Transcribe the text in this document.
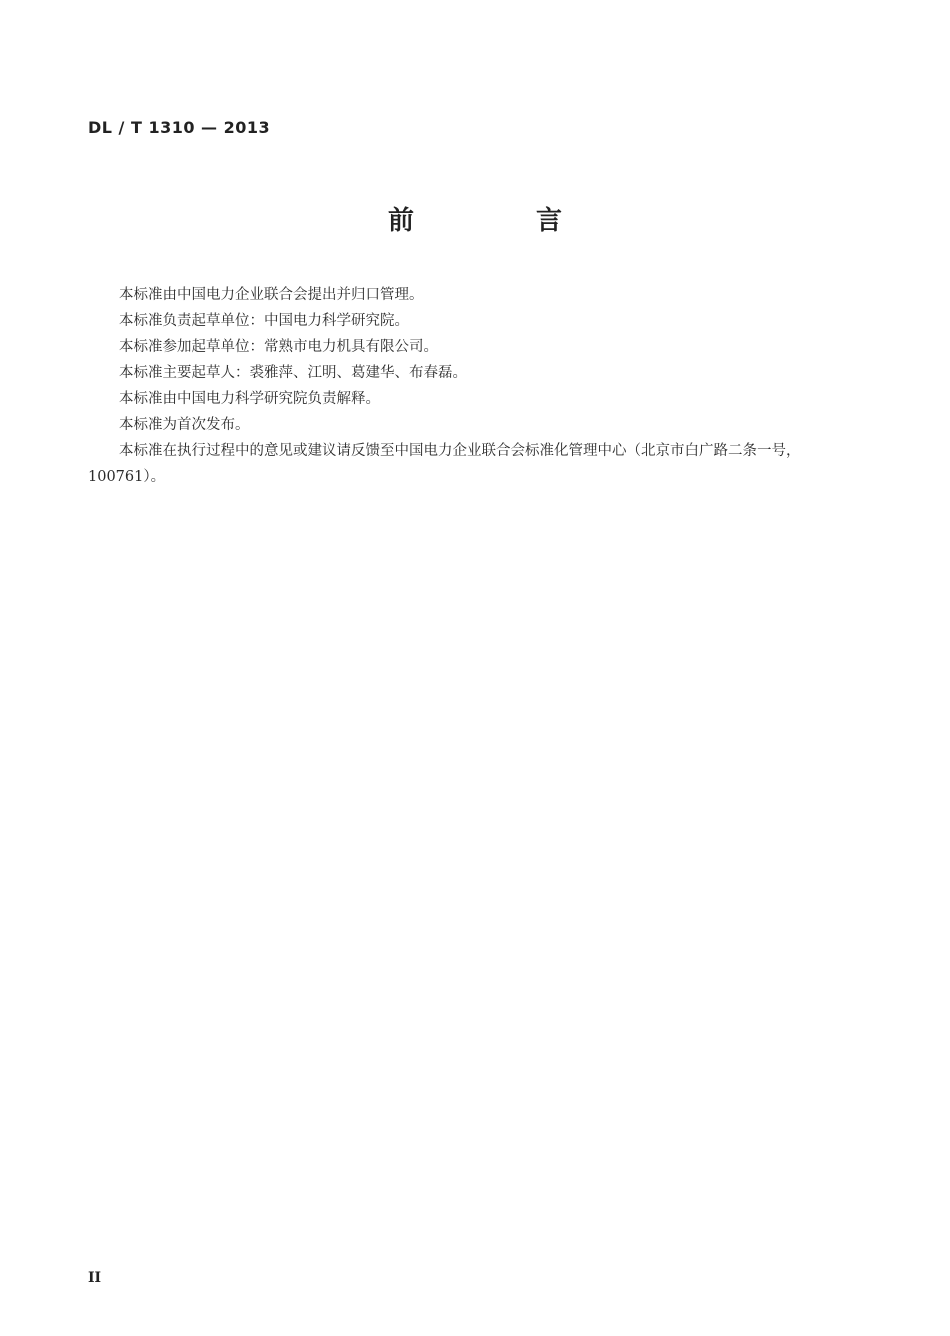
DL / T 1310 — 2013
前　言

本标准由中国电力企业联合会提出并归口管理。

本标准负责起草单位：中国电力科学研究院。

本标准参加起草单位：常熟市电力机具有限公司。

本标准主要起草人：裘雅萍、江明、葛建华、布春磊。

本标准由中国电力科学研究院负责解释。

本标准为首次发布。

本标准在执行过程中的意见或建议请反馈至中国电力企业联合会标准化管理中心（北京市白广路二条一号，100761）。

II
